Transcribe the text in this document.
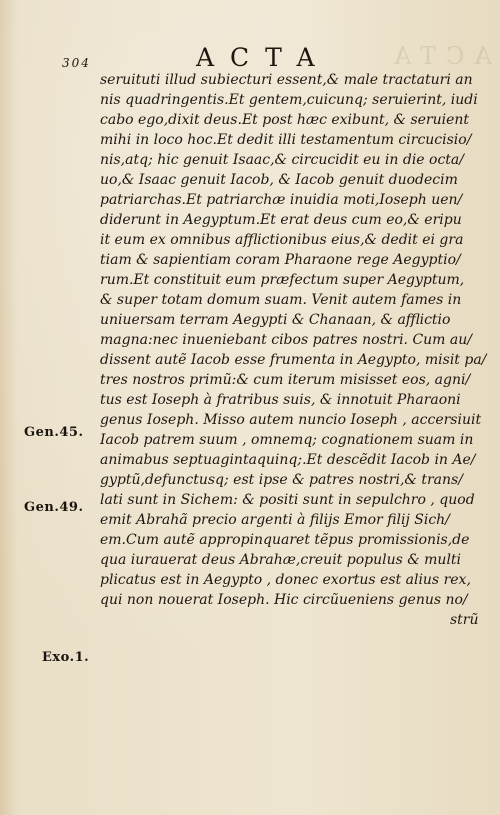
ACTA
304	ACTA
Gen.45.
Gen.49.
Exo.1.
seruituti illud subiecturi essent,& male tractaturi an
nis quadringentis.Et gentem,cuicunq; seruierint, iudi
cabo ego,dixit deus.Et post hæc exibunt, & seruient
mihi in loco hoc.Et dedit illi testamentum circucisio/
nis,atq; hic genuit Isaac,& circucidit eu in die octa/
uo,& Isaac genuit Iacob, & Iacob genuit duodecim
patriarchas.Et patriarchæ inuidia moti,Ioseph uen/
diderunt in Aegyptum.Et erat deus cum eo,& eripu
it eum ex omnibus afflictionibus eius,& dedit ei gra
tiam & sapientiam coram Pharaone rege Aegyptio/
rum.Et constituit eum præfectum super Aegyptum,
& super totam domum suam. Venit autem fames in
uniuersam terram Aegypti & Chanaan, & afflictio
magna:nec inueniebant cibos patres nostri. Cum au/
dissent autẽ Iacob esse frumenta in Aegypto, misit pa/
tres nostros primũ:& cum iterum misisset eos, agni/
tus est Ioseph à fratribus suis, & innotuit Pharaoni
genus Ioseph. Misso autem nuncio Ioseph , accersiuit
Iacob patrem suum , omnemq; cognationem suam in
animabus septuagintaquinq;.Et descẽdit Iacob in Ae/
gyptũ,defunctusq; est ipse & patres nostri,& trans/
lati sunt in Sichem: & positi sunt in sepulchro , quod
emit Abrahã precio argenti à filijs Emor filij Sich/
em.Cum autẽ appropinquaret tẽpus promissionis,de
qua iurauerat deus Abrahæ,creuit populus & multi
plicatus est in Aegypto , donec exortus est alius rex,
qui non nouerat Ioseph. Hic circũueniens genus no/
strũ
